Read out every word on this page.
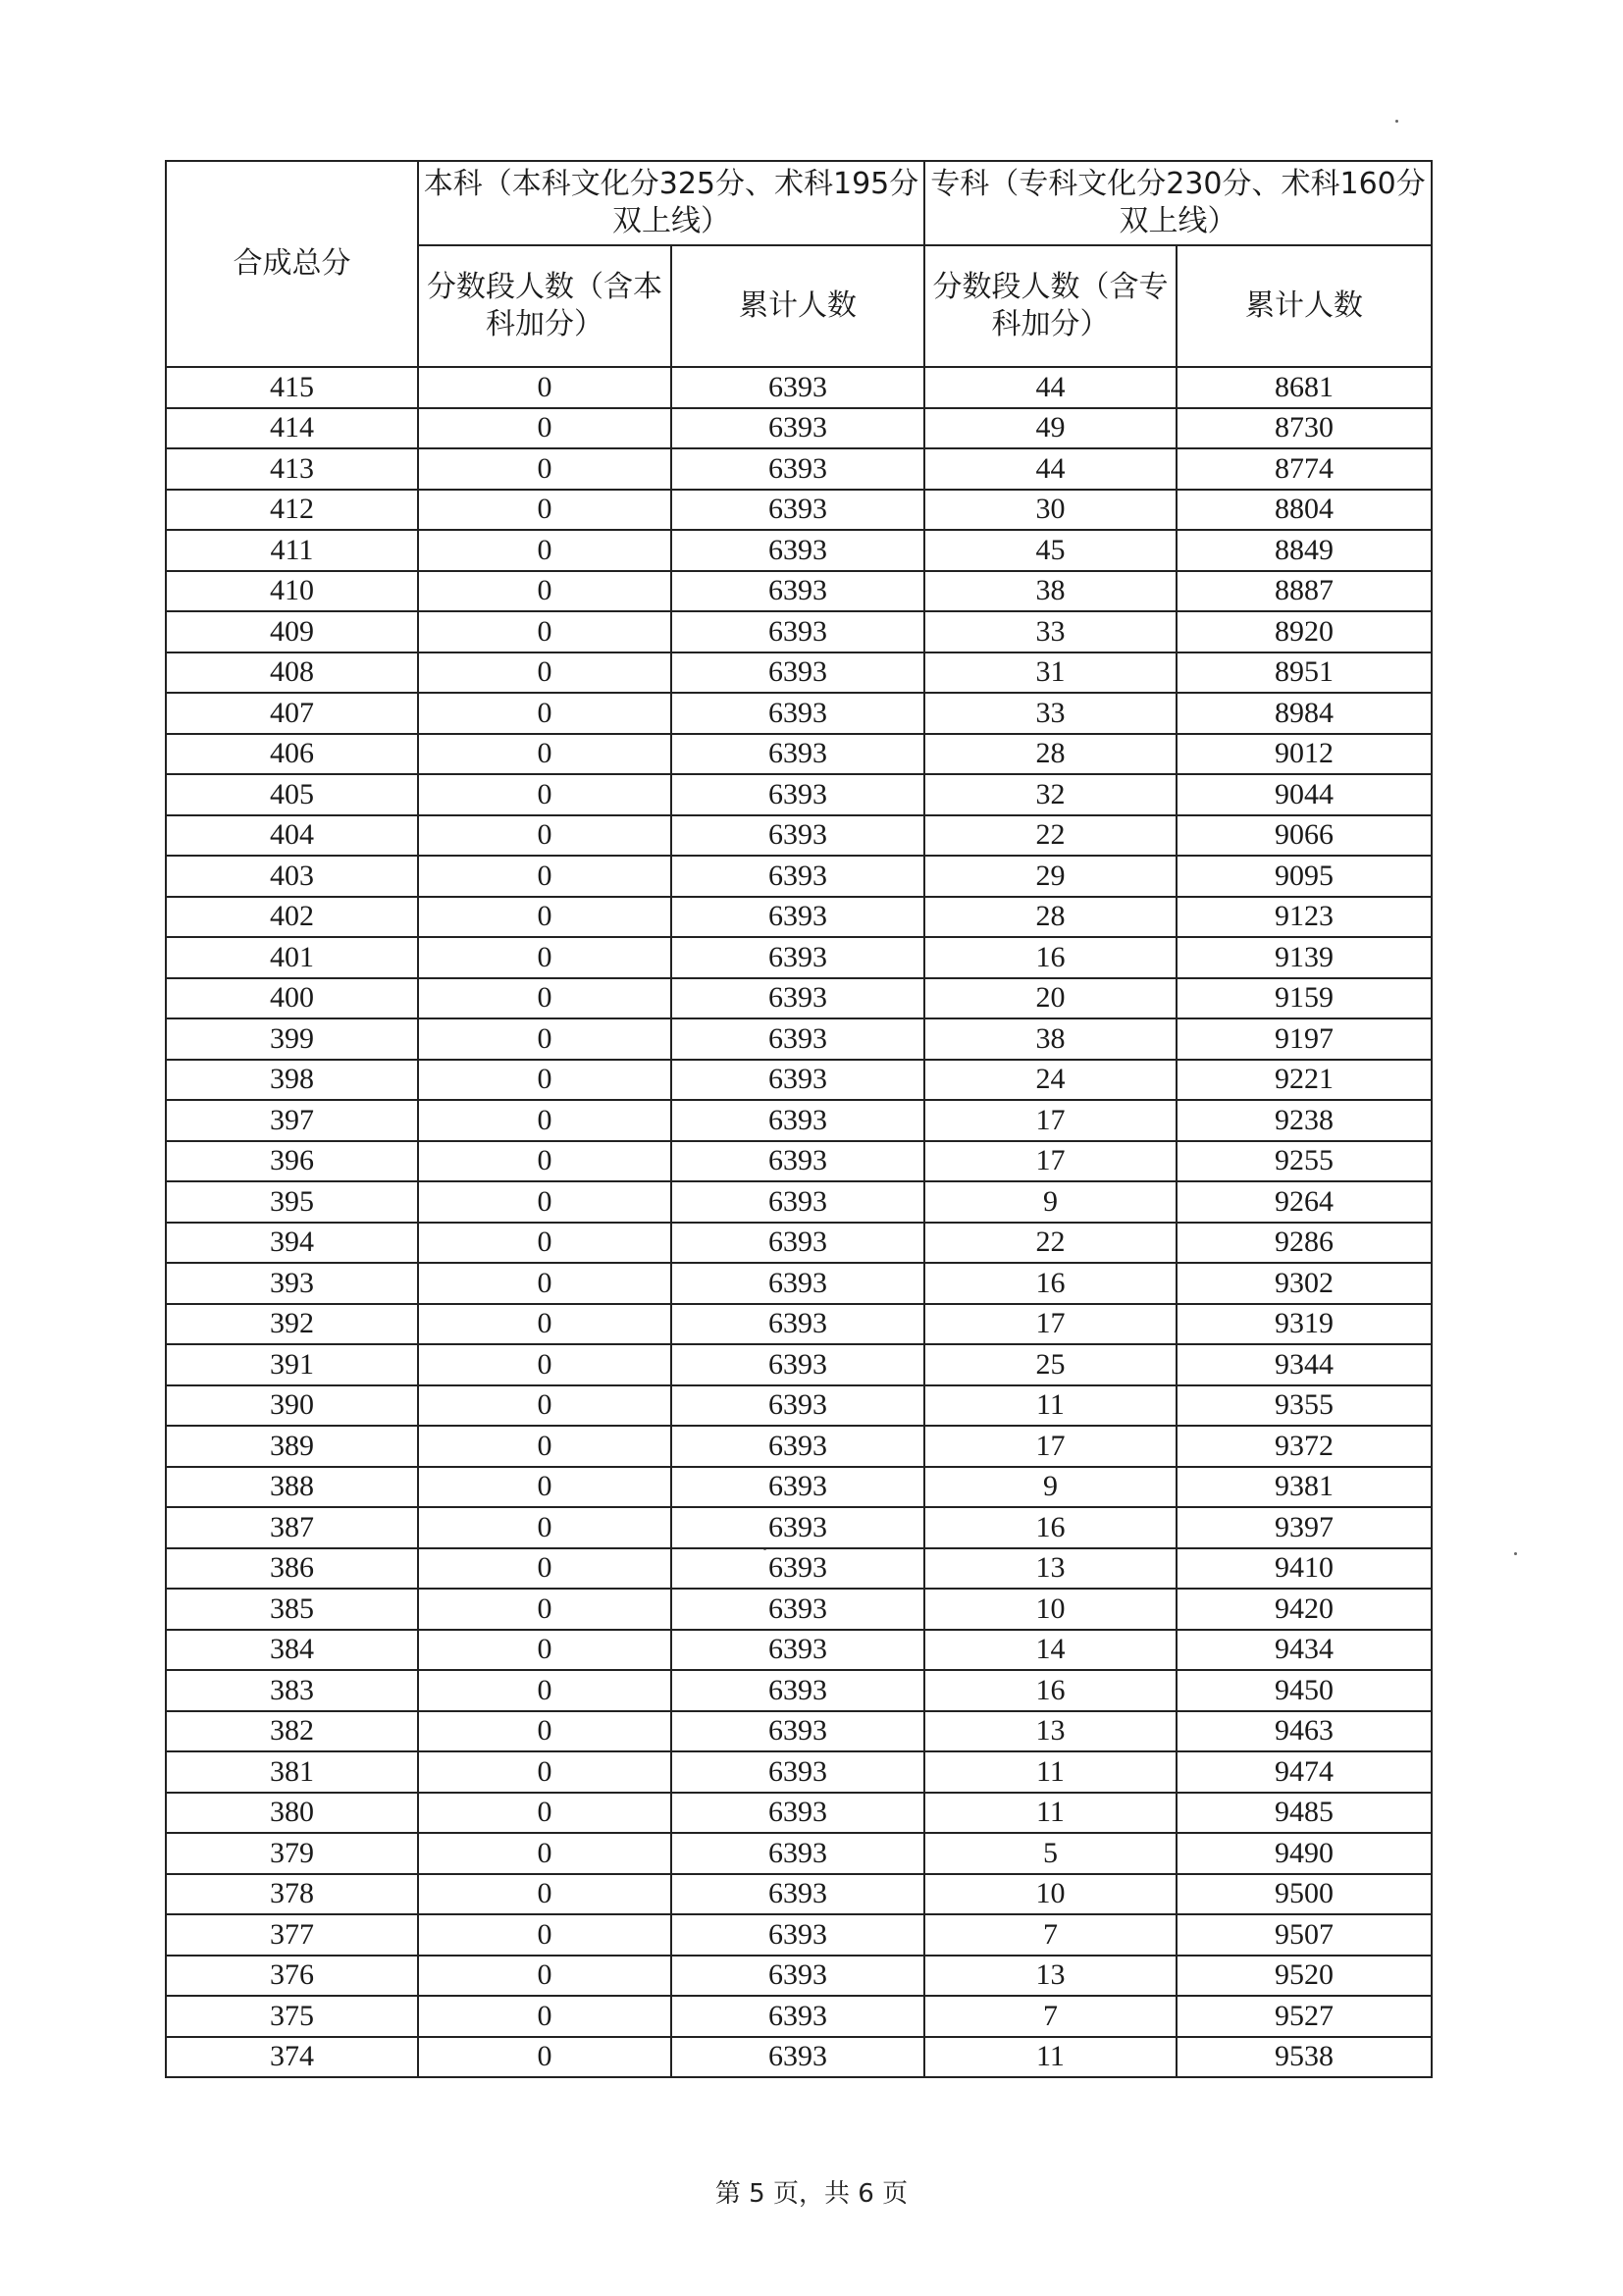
合成总分	本科（本科文化分325分、术科195分双上线）		专科（专科文化分230分、术科160分双上线）	
	分数段人数（含本科加分）	累计人数	分数段人数（含专科加分）	累计人数
415	0	6393	44	8681
414	0	6393	49	8730
413	0	6393	44	8774
412	0	6393	30	8804
411	0	6393	45	8849
410	0	6393	38	8887
409	0	6393	33	8920
408	0	6393	31	8951
407	0	6393	33	8984
406	0	6393	28	9012
405	0	6393	32	9044
404	0	6393	22	9066
403	0	6393	29	9095
402	0	6393	28	9123
401	0	6393	16	9139
400	0	6393	20	9159
399	0	6393	38	9197
398	0	6393	24	9221
397	0	6393	17	9238
396	0	6393	17	9255
395	0	6393	9	9264
394	0	6393	22	9286
393	0	6393	16	9302
392	0	6393	17	9319
391	0	6393	25	9344
390	0	6393	11	9355
389	0	6393	17	9372
388	0	6393	9	9381
387	0	6393	16	9397
386	0	6393	13	9410
385	0	6393	10	9420
384	0	6393	14	9434
383	0	6393	16	9450
382	0	6393	13	9463
381	0	6393	11	9474
380	0	6393	11	9485
379	0	6393	5	9490
378	0	6393	10	9500
377	0	6393	7	9507
376	0	6393	13	9520
375	0	6393	7	9527
374	0	6393	11	9538
第 5 页，共 6 页
